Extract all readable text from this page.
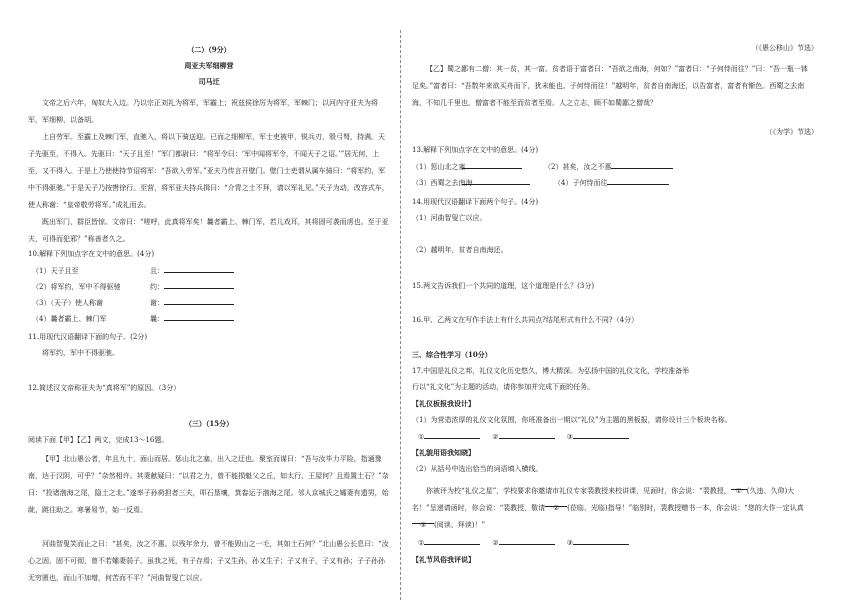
（二）（9分）
周亚夫军细柳营
司马迁
文帝之后六年，匈奴大入边。乃以宗正刘礼为将军，军霸上；祝兹侯徐厉为将军，军棘门；以河内守亚夫为将军，军细柳，以备胡。
上自劳军。至霸上及棘门军，直驰入，将以下骑送迎。已而之细柳军，军士吏被甲，锐兵刃，彀弓弩，持满。天子先驱至，不得入。先驱曰：“天子且至！”军门都尉曰：“将军令曰：‘军中闻将军令，不闻天子之诏。’”居无何，上至，又不得入。于是上乃使使持节诏将军：“吾欲入劳军。”亚夫乃传言开壁门。壁门士吏谓从属车骑曰：“将军约，军中不得驱驰。”于是天子乃按辔徐行。至营，将军亚夫持兵揖曰：“介胄之士不拜，请以军礼见。”天子为动，改容式车，使人称谢：“皇帝敬劳将军。”成礼而去。
既出军门，群臣皆惊。文帝曰：“嗟呼，此真将军矣！曩者霸上、棘门军，若儿戏耳，其将固可袭而虏也。至于亚夫，可得而犯邪？”称善者久之。
10.解释下列加点字在文中的意思。(4分)
（1）天子且至	且：
（2）将军约，军中不得驱驰	约：
（3）（天子）使人称谢	谢：
（4）曩者霸上、棘门军	曩：
11.用现代汉语翻译下面的句子。(2分)
将军约，军中不得驱驰。
12.简述汉文帝称亚夫为“真将军”的原因。（3分）
（三）（15分）
阅读下面【甲】【乙】两文，完成13～16题。
【甲】北山愚公者，年且九十，面山而居。惩山北之塞，出入之迂也。聚室而谋曰：“吾与汝毕力平险，指通豫南，达于汉阴，可乎？”杂然相许。其妻献疑曰：“以君之力，曾不能损魁父之丘，如太行、王屋何？且焉置土石？”杂曰：“投诸渤海之尾，隐土之北。”遂率子孙荷担者三夫，叩石垦壤，箕畚运于渤海之尾。邻人京城氏之孀妻有遗男，始龀，跳往助之。寒暑易节，始一反焉。
河曲智叟笑而止之曰：“甚矣，汝之不惠。以残年余力，曾不能毁山之一毛，其如土石何？”北山愚公长息曰：“汝心之固，固不可彻，曾不若孀妻弱子。虽我之死，有子存焉；子又生孙，孙又生子；子又有子，子又有孙；子子孙孙无穷匮也，而山不加增，何苦而不平？”河曲智叟亡以应。
（《愚公移山》节选）
【乙】蜀之鄙有二僧：其一贫，其一富。贫者语于富者曰：“吾欲之南海，何如？”富者曰：“子何恃而往？”曰：“吾一瓶一钵足矣。”富者曰：“吾数年来欲买舟而下，犹未能也。子何恃而往！”越明年，贫者自南海还，以告富者，富者有惭色。西蜀之去南海，不知几千里也，僧富者不能至而贫者至焉。人之立志，顾不如蜀鄙之僧哉？
（《为学》节选）
13.解释下列加点字在文中的意思。(4分)
（1）惩山北之塞	（2）甚矣，汝之不惠
（3）西蜀之去南海	（4）子何恃而往
14.用现代汉语翻译下面两个句子。(4分)
（1）河曲智叟亡以应。
（2）越明年，贫者自南海还。
15.两文告诉我们一个共同的道理，这个道理是什么？(3分)
16.甲、乙两文在写作手法上有什么共同点?结尾形式有什么不同?（4分）
三、综合性学习（10分）
17.中国是礼仪之邦，礼仪文化历史悠久，博大精深。为弘扬中国的礼仪文化，学校准备举
行以“礼文化”为主题的活动，请你参加并完成下面的任务。
【礼仪板报我设计】
（1）为营造浓厚的礼仪文化氛围，你班准备出一期以“礼仪”为主题的黑板报，请你设计三个板块名称。
①	②	③
【礼貌用语我知晓】
（2）从括号中选出恰当的词语填入横线。
你被评为校“礼仪之星”，学校要求你邀请市礼仪专家裴教授来校讲课，见面时，你会说：“裴教授， ① (久违、久仰)大名！”呈递请函时，你会说：“裴教授，敬请 ② (莅临、光临)指导！”临别时，裴教授赠书一本，你会说：“您的大作一定认真③ (阅读、拜读)！”
①	②	③
【礼节风俗我评说】
